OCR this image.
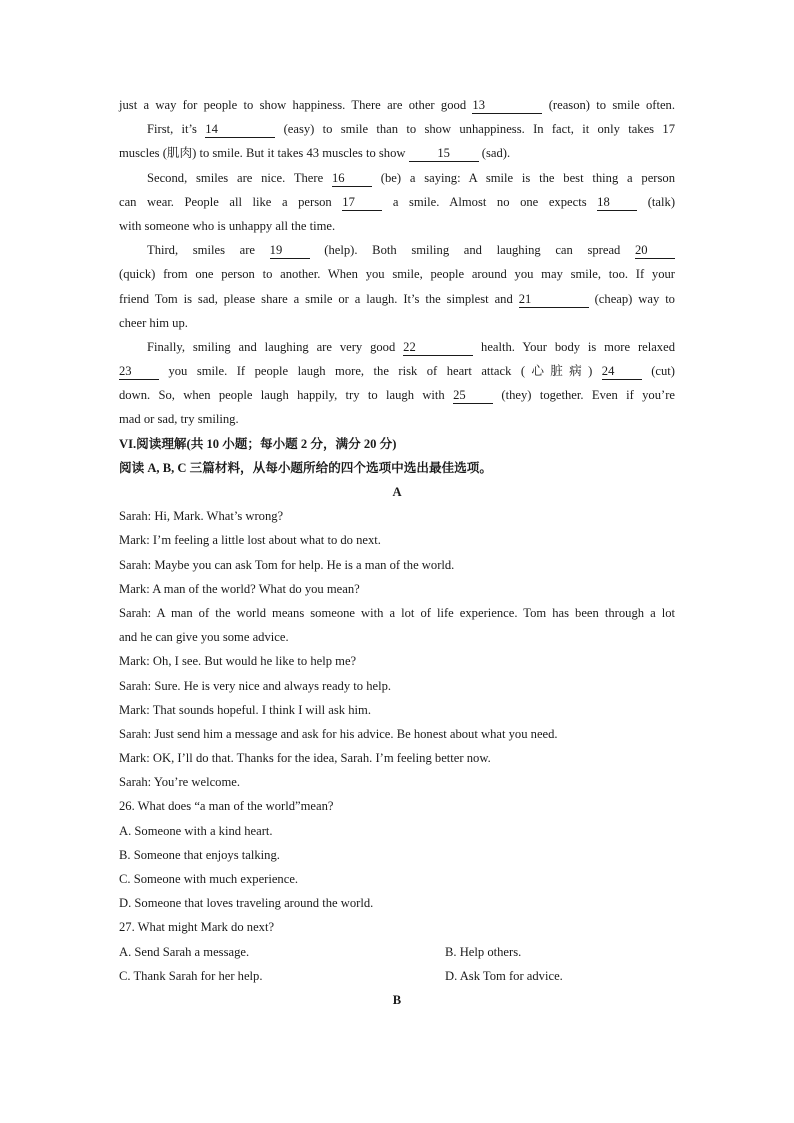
just a way for people to show happiness. There are other good 13	(reason) to smile often.
First, it’s 14	(easy) to smile than to show unhappiness. In fact, it only takes 17
muscles (肌肉) to smile. But it takes 43 muscles to show 15 (sad).
Second, smiles are nice. There 16 (be) a saying: A smile is the best thing a person
can wear. People all like a person 17 a smile. Almost no one expects 18 (talk)
with someone who is unhappy all the time.
Third, smiles are 19 (help). Both smiling and laughing can spread 20
(quick) from one person to another. When you smile, people around you may smile, too. If your
friend Tom is sad, please share a smile or a laugh. It’s the simplest and 21	(cheap) way to
cheer him up.
Finally, smiling and laughing are very good 22	health. Your body is more relaxed
23 you smile. If people laugh more, the risk of heart attack (心脏病) 24 (cut)
down. So, when people laugh happily, try to laugh with 25 (they) together. Even if you’re
mad or sad, try smiling.
VI.阅读理解(共 10 小题；每小题 2 分，满分 20 分)
阅读 A, B, C 三篇材料，从每小题所给的四个选项中选出最佳选项。
A
Sarah: Hi, Mark. What’s wrong?
Mark: I’m feeling a little lost about what to do next.
Sarah: Maybe you can ask Tom for help. He is a man of the world.
Mark: A man of the world? What do you mean?
Sarah: A man of the world means someone with a lot of life experience. Tom has been through a lot
and he can give you some advice.
Mark: Oh, I see. But would he like to help me?
Sarah: Sure. He is very nice and always ready to help.
Mark: That sounds hopeful. I think I will ask him.
Sarah: Just send him a message and ask for his advice. Be honest about what you need.
Mark: OK, I’ll do that. Thanks for the idea, Sarah. I’m feeling better now.
Sarah: You’re welcome.
26. What does “a man of the world”mean?
A. Someone with a kind heart.
B. Someone that enjoys talking.
C. Someone with much experience.
D. Someone that loves traveling around the world.
27. What might Mark do next?
A. Send Sarah a message.	B. Help others.
C. Thank Sarah for her help.	D. Ask Tom for advice.
B
